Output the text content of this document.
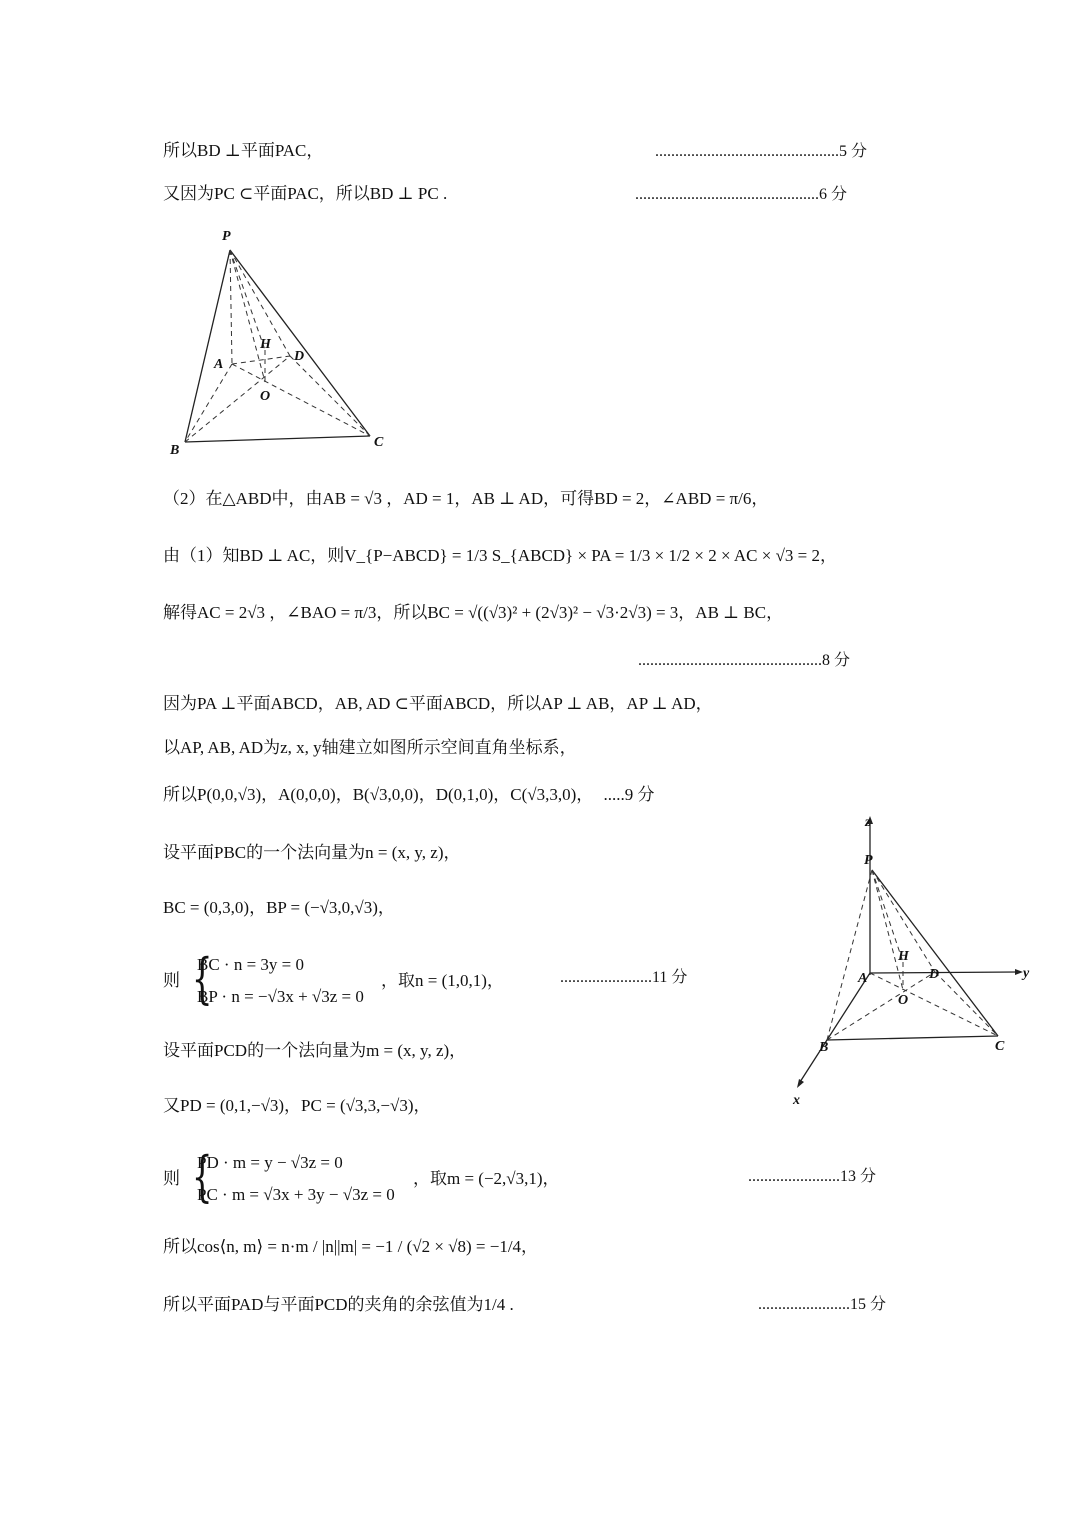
所以BD ⊥平面PAC，	..............................................5 分
又因为PC ⊂平面PAC，所以BD ⊥ PC .	..............................................6 分
P
A
H
D
O
B
C
（2）在△ABD中，由AB = √3 ，AD = 1，AB ⊥ AD，可得BD = 2，∠ABD = π/6，
由（1）知BD ⊥ AC，则V_{P−ABCD} = 1/3 S_{ABCD} × PA = 1/3 × 1/2 × 2 × AC × √3 = 2，
解得AC = 2√3 ，∠BAO = π/3，所以BC = √((√3)² + (2√3)² − √3·2√3) = 3，AB ⊥ BC，
..............................................8 分
因为PA ⊥平面ABCD，AB, AD ⊂平面ABCD，所以AP ⊥ AB，AP ⊥ AD，
以AP, AB, AD为z, x, y轴建立如图所示空间直角坐标系，
所以P(0,0,√3)，A(0,0,0)，B(√3,0,0)，D(0,1,0)，C(√3,3,0)， .....9 分
设平面PBC的一个法向量为n = (x, y, z)，
BC = (0,3,0)，BP = (−√3,0,√3)，
则 {
BC · n = 3y = 0
BP · n = −√3x + √3z = 0
，取n = (1,0,1)，	.......................11 分
设平面PCD的一个法向量为m = (x, y, z)，
又PD = (0,1,−√3)，PC = (√3,3,−√3)，
则 {
PD · m = y − √3z = 0
PC · m = √3x + 3y − √3z = 0
，取m = (−2,√3,1)，	.......................13 分
所以cos⟨n, m⟩ = n·m / |n||m| = −1 / (√2 × √8) = −1/4，
所以平面PAD与平面PCD的夹角的余弦值为1/4 .	.......................15 分
z
P
H
A	D	y
O
B	C
x
